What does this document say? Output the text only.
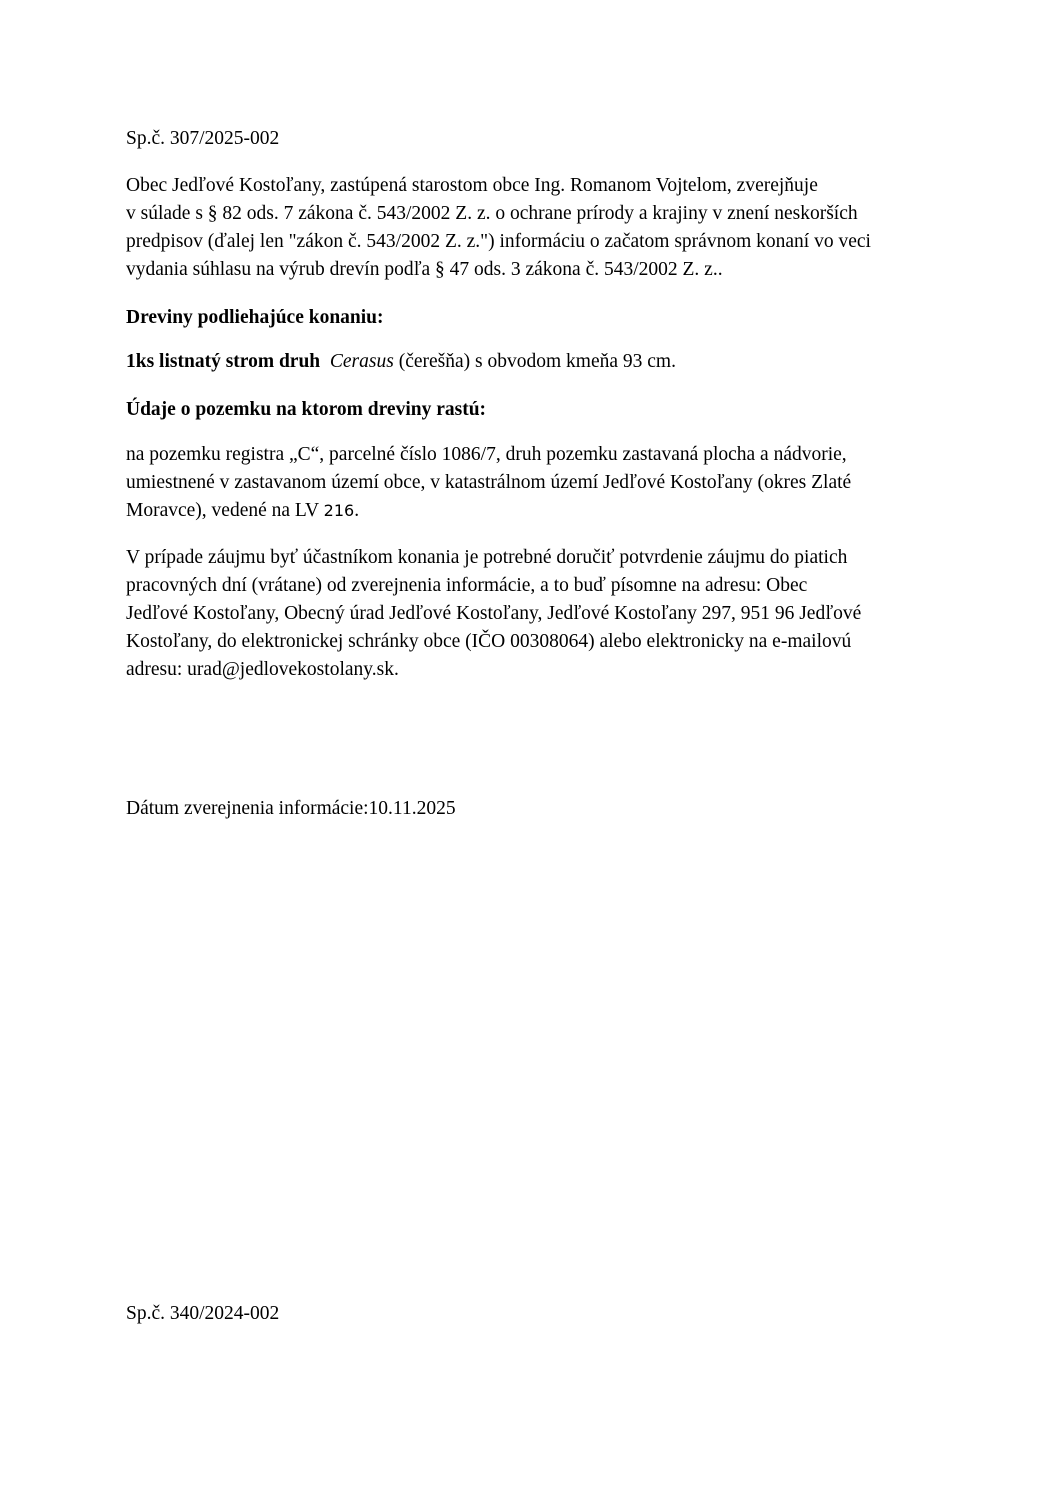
Sp.č. 307/2025-002

Obec Jedľové Kostoľany, zastúpená starostom obce Ing. Romanom Vojtelom, zverejňuje
v súlade s § 82 ods. 7 zákona č. 543/2002 Z. z. o ochrane prírody a krajiny v znení neskorších
predpisov (ďalej len "zákon č. 543/2002 Z. z.") informáciu o začatom správnom konaní vo veci
vydania súhlasu na výrub drevín podľa § 47 ods. 3 zákona č. 543/2002 Z. z..

Dreviny podliehajúce konaniu:

1ks listnatý strom druh Cerasus (čerešňa) s obvodom kmeňa 93 cm.

Údaje o pozemku na ktorom dreviny rastú:

na pozemku registra „C“, parcelné číslo 1086/7, druh pozemku zastavaná plocha a nádvorie,
umiestnené v zastavanom území obce, v katastrálnom území Jedľové Kostoľany (okres Zlaté
Moravce), vedené na LV 216.

V prípade záujmu byť účastníkom konania je potrebné doručiť potvrdenie záujmu do piatich
pracovných dní (vrátane) od zverejnenia informácie, a to buď písomne na adresu: Obec
Jedľové Kostoľany, Obecný úrad Jedľové Kostoľany, Jedľové Kostoľany 297, 951 96 Jedľové
Kostoľany, do elektronickej schránky obce (IČO 00308064) alebo elektronicky na e-mailovú
adresu: urad@jedlovekostolany.sk.

Dátum zverejnenia informácie:10.11.2025

Sp.č. 340/2024-002
